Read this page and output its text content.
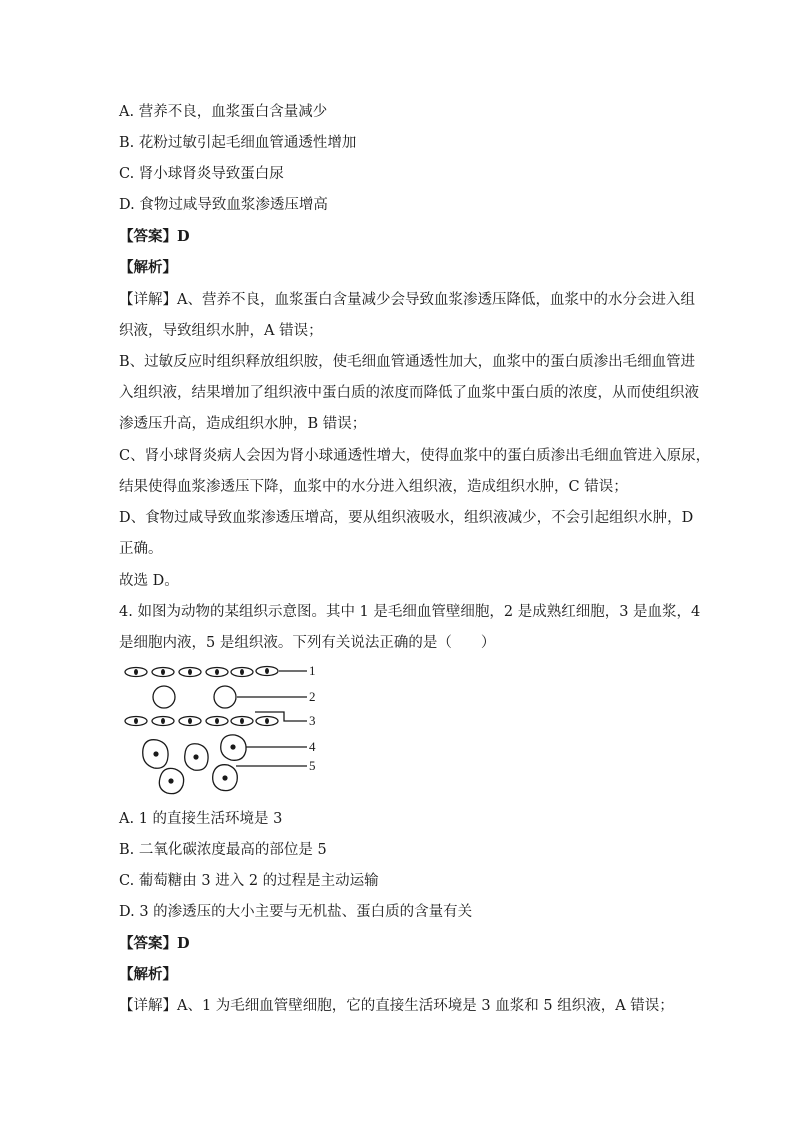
A. 营养不良，血浆蛋白含量减少
B. 花粉过敏引起毛细血管通透性增加
C. 肾小球肾炎导致蛋白尿
D. 食物过咸导致血浆渗透压增高
【答案】D
【解析】
【详解】A、营养不良，血浆蛋白含量减少会导致血浆渗透压降低，血浆中的水分会进入组
织液，导致组织水肿，A 错误；
B、过敏反应时组织释放组织胺，使毛细血管通透性加大，血浆中的蛋白质渗出毛细血管进
入组织液，结果增加了组织液中蛋白质的浓度而降低了血浆中蛋白质的浓度，从而使组织液
渗透压升高，造成组织水肿，B 错误；
C、肾小球肾炎病人会因为肾小球通透性增大，使得血浆中的蛋白质渗出毛细血管进入原尿，
结果使得血浆渗透压下降，血浆中的水分进入组织液，造成组织水肿，C 错误；
D、食物过咸导致血浆渗透压增高，要从组织液吸水，组织液减少，不会引起组织水肿，D
正确。
故选 D。
4. 如图为动物的某组织示意图。其中 1 是毛细血管壁细胞，2 是成熟红细胞，3 是血浆，4
是细胞内液，5 是组织液。下列有关说法正确的是（　　）
1
2
3
4
5
A. 1 的直接生活环境是 3
B. 二氧化碳浓度最高的部位是 5
C. 葡萄糖由 3 进入 2 的过程是主动运输
D. 3 的渗透压的大小主要与无机盐、蛋白质的含量有关
【答案】D
【解析】
【详解】A、1 为毛细血管壁细胞，它的直接生活环境是 3 血浆和 5 组织液，A 错误；
